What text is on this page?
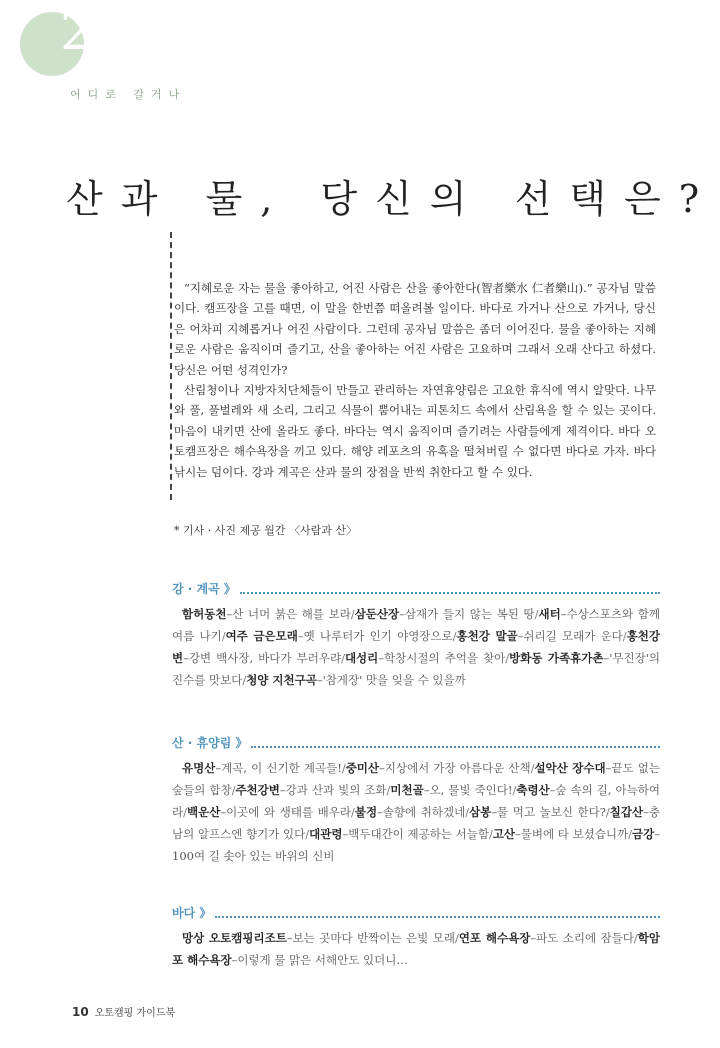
2
어디로 갈거나
산과 물, 당신의 선택은?

“지혜로운 자는 물을 좋아하고, 어진 사람은 산을 좋아한다(智者樂水 仁者樂山).” 공자님 말씀이다. 캠프장을 고를 때면, 이 말을 한번쯤 떠올려볼 일이다. 바다로 가거나 산으로 가거나, 당신은 어차피 지혜롭거나 어진 사람이다. 그런데 공자님 말씀은 좀더 이어진다. 물을 좋아하는 지혜로운 사람은 움직이며 즐기고, 산을 좋아하는 어진 사람은 고요하며 그래서 오래 산다고 하셨다. 당신은 어떤 성격인가?

산림청이나 지방자치단체들이 만들고 관리하는 자연휴양림은 고요한 휴식에 역시 알맞다. 나무와 풀, 풀벌레와 새 소리, 그리고 식물이 뿜어내는 피톤치드 속에서 산림욕을 할 수 있는 곳이다. 마음이 내키면 산에 올라도 좋다. 바다는 역시 움직이며 즐기려는 사람들에게 제격이다. 바다 오토캠프장은 해수욕장을 끼고 있다. 해양 레포츠의 유혹을 떨쳐버릴 수 없다면 바다로 가자. 바다낚시는 덤이다. 강과 계곡은 산과 물의 장점을 반씩 취한다고 할 수 있다.

* 기사 · 사진 제공 월간 〈사람과 산〉
강 · 계곡 》
함허동천–산 너머 붉은 해를 보라/삼둔산장–삼재가 들지 않는 복된 땅/새터–수상스포츠와 함께 여름 나기/여주 금은모래–옛 나루터가 인기 야영장으로/홍천강 말골–쉬리길 모래가 운다/홍천강변–강변 백사장, 바다가 부러우랴/대성리–학창시절의 추억을 찾아/방화동 가족휴가촌–'무진장'의 진수를 맛보다/청양 지천구곡–'참게장' 맛을 잊을 수 있을까
산 · 휴양림 》
유명산–계곡, 이 신기한 계곡들!/중미산–지상에서 가장 아름다운 산책/설악산 장수대–끝도 없는 숲들의 합창/주천강변–강과 산과 빛의 조화/미천골–오, 물빛 죽인다!/축령산–숲 속의 길, 아늑하여라/백운산–이곳에 와 생태를 배우라/불정–솔향에 취하겠네/삼봉–물 먹고 놀보신 한다?/칠갑산–충남의 알프스엔 향기가 있다/대관령–백두대간이 제공하는 서늘함/고산–물벼에 타 보셨습니까/금강–100여 길 솟아 있는 바위의 신비
바다 》
망상 오토캠핑리조트–보는 곳마다 반짝이는 은빛 모래/연포 해수욕장–파도 소리에 잠들다/학암포 해수욕장–이렇게 물 맑은 서해안도 있더니…
10 오토캠핑 가이드북
